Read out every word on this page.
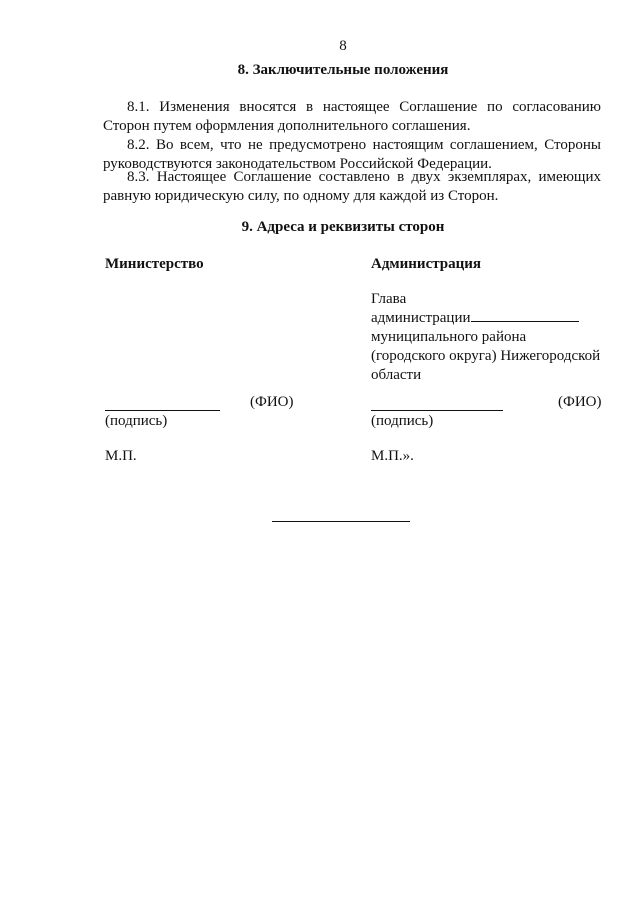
8
8. Заключительные положения
8.1. Изменения вносятся в настоящее Соглашение по согласованию Сторон путем оформления дополнительного соглашения.
8.2. Во всем, что не предусмотрено настоящим соглашением, Стороны руководствуются законодательством Российской Федерации.
8.3. Настоящее Соглашение составлено в двух экземплярах, имеющих равную юридическую силу, по одному для каждой из Сторон.
9. Адреса и реквизиты сторон
Министерство	Администрация
Глава
администрации
муниципального района
(городского округа) Нижегородской
области
(ФИО)
(подпись)
М.П.
(ФИО)
(подпись)
М.П.».
